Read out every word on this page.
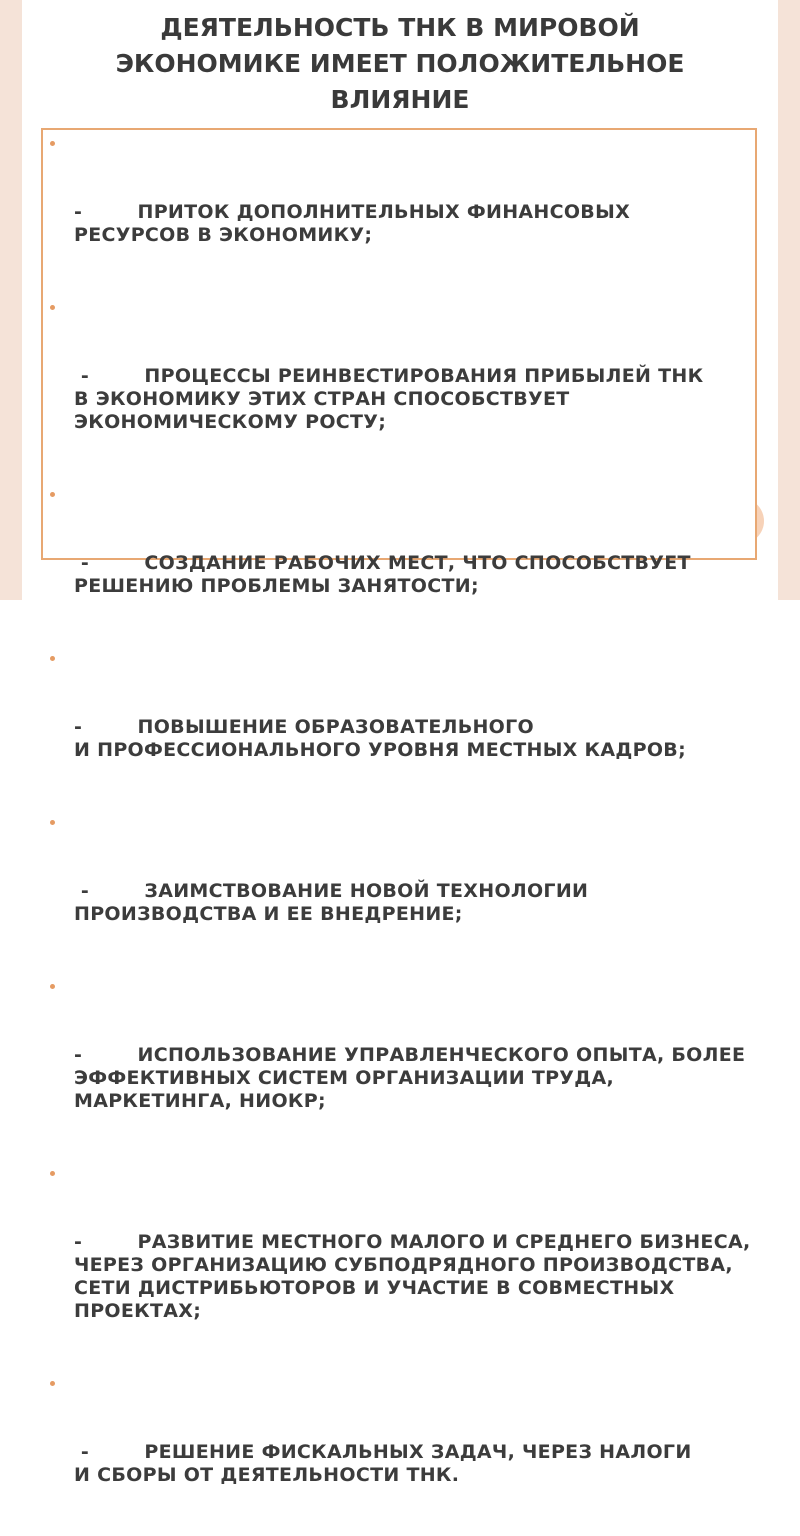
ДЕЯТЕЛЬНОСТЬ ТНК В МИРОВОЙ
ЭКОНОМИКЕ ИМЕЕТ ПОЛОЖИТЕЛЬНОЕ
ВЛИЯНИЕ

-        ПРИТОК ДОПОЛНИТЕЛЬНЫХ ФИНАНСОВЫХ
РЕСУРСОВ В ЭКОНОМИКУ;

-        ПРОЦЕССЫ РЕИНВЕСТИРОВАНИЯ ПРИБЫЛЕЙ ТНК
В ЭКОНОМИКУ ЭТИХ СТРАН СПОСОБСТВУЕТ
ЭКОНОМИЧЕСКОМУ РОСТУ;

-        СОЗДАНИЕ РАБОЧИХ МЕСТ, ЧТО СПОСОБСТВУЕТ
РЕШЕНИЮ ПРОБЛЕМЫ ЗАНЯТОСТИ;

-        ПОВЫШЕНИЕ ОБРАЗОВАТЕЛЬНОГО
И ПРОФЕССИОНАЛЬНОГО УРОВНЯ МЕСТНЫХ КАДРОВ;

-        ЗАИМСТВОВАНИЕ НОВОЙ ТЕХНОЛОГИИ
ПРОИЗВОДСТВА И ЕЕ ВНЕДРЕНИЕ;

-        ИСПОЛЬЗОВАНИЕ УПРАВЛЕНЧЕСКОГО ОПЫТА, БОЛЕЕ
ЭФФЕКТИВНЫХ СИСТЕМ ОРГАНИЗАЦИИ ТРУДА,
МАРКЕТИНГА, НИОКР;

-        РАЗВИТИЕ МЕСТНОГО МАЛОГО И СРЕДНЕГО БИЗНЕСА,
ЧЕРЕЗ ОРГАНИЗАЦИЮ СУБПОДРЯДНОГО ПРОИЗВОДСТВА,
СЕТИ ДИСТРИБЬЮТОРОВ И УЧАСТИЕ В СОВМЕСТНЫХ
ПРОЕКТАХ;

-        РЕШЕНИЕ ФИСКАЛЬНЫХ ЗАДАЧ, ЧЕРЕЗ НАЛОГИ
И СБОРЫ ОТ ДЕЯТЕЛЬНОСТИ ТНК.
